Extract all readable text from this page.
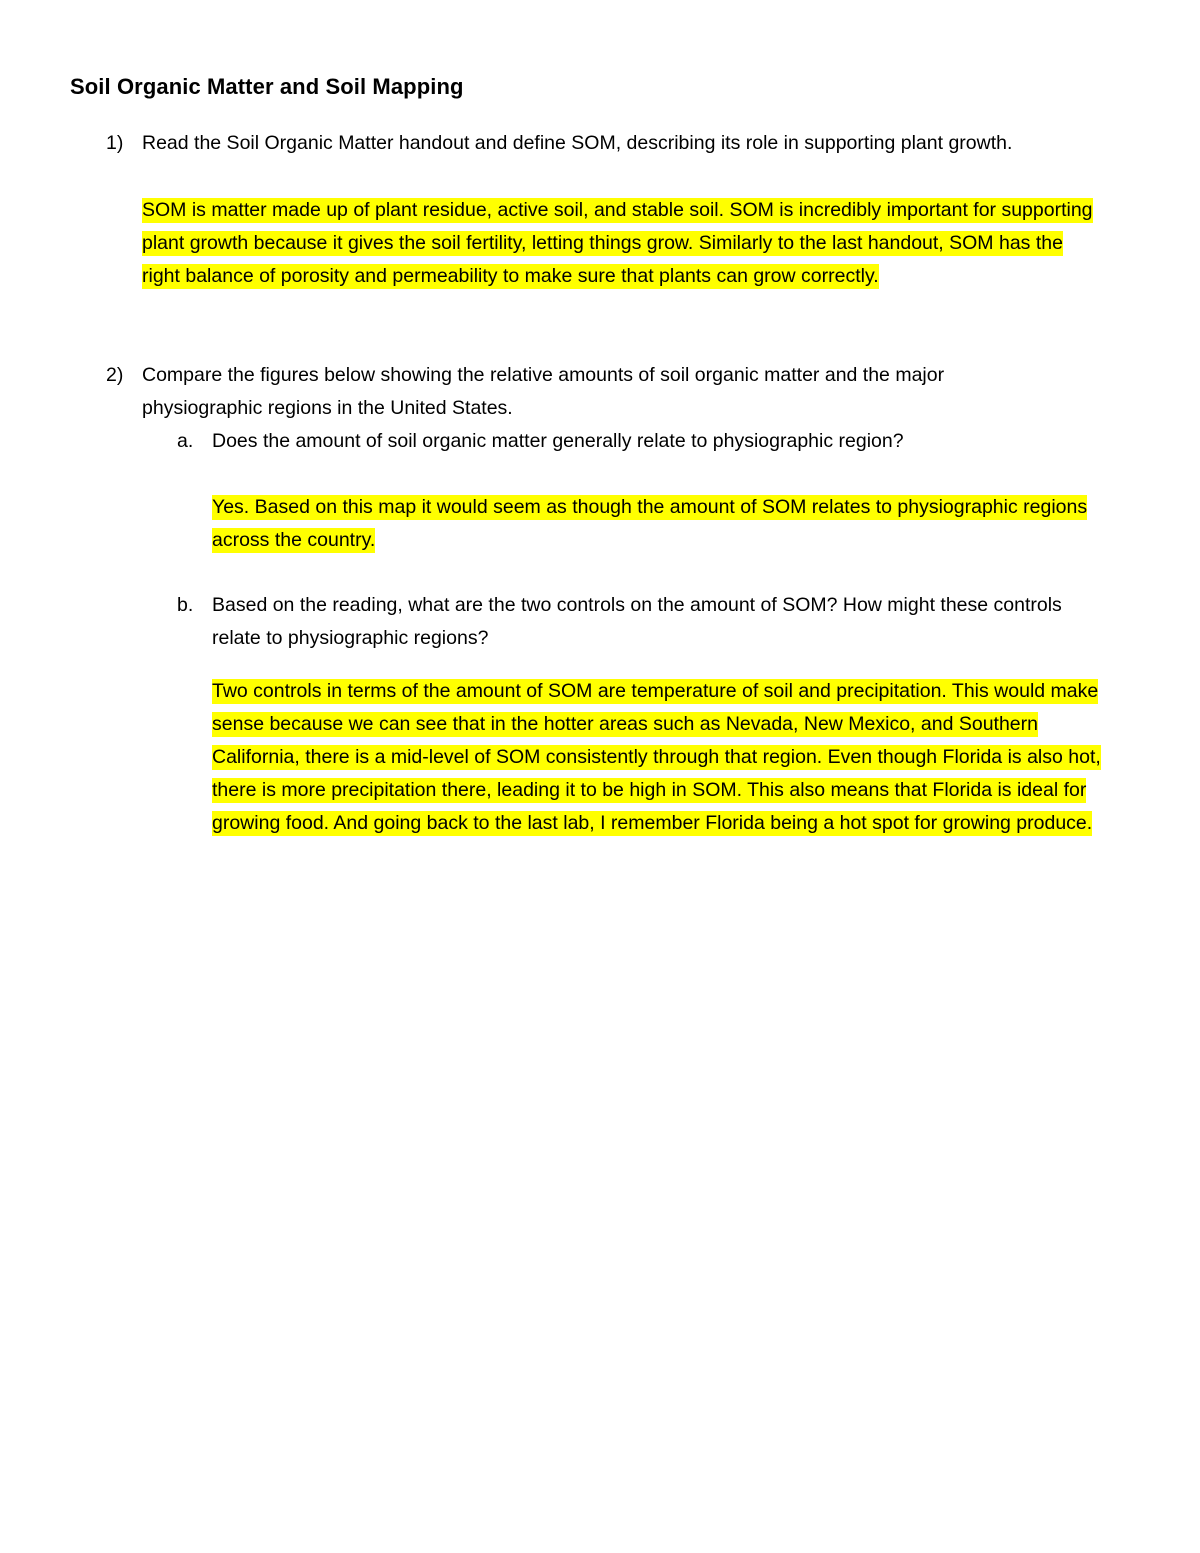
Soil Organic Matter and Soil Mapping
1) Read the Soil Organic Matter handout and define SOM, describing its role in supporting plant growth.
SOM is matter made up of plant residue, active soil, and stable soil. SOM is incredibly important for supporting plant growth because it gives the soil fertility, letting things grow. Similarly to the last handout, SOM has the right balance of porosity and permeability to make sure that plants can grow correctly.
2) Compare the figures below showing the relative amounts of soil organic matter and the major physiographic regions in the United States.
a. Does the amount of soil organic matter generally relate to physiographic region?
Yes. Based on this map it would seem as though the amount of SOM relates to physiographic regions across the country.
b. Based on the reading, what are the two controls on the amount of SOM? How might these controls relate to physiographic regions?
Two controls in terms of the amount of SOM are temperature of soil and precipitation. This would make sense because we can see that in the hotter areas such as Nevada, New Mexico, and Southern California, there is a mid-level of SOM consistently through that region. Even though Florida is also hot, there is more precipitation there, leading it to be high in SOM. This also means that Florida is ideal for growing food. And going back to the last lab, I remember Florida being a hot spot for growing produce.
